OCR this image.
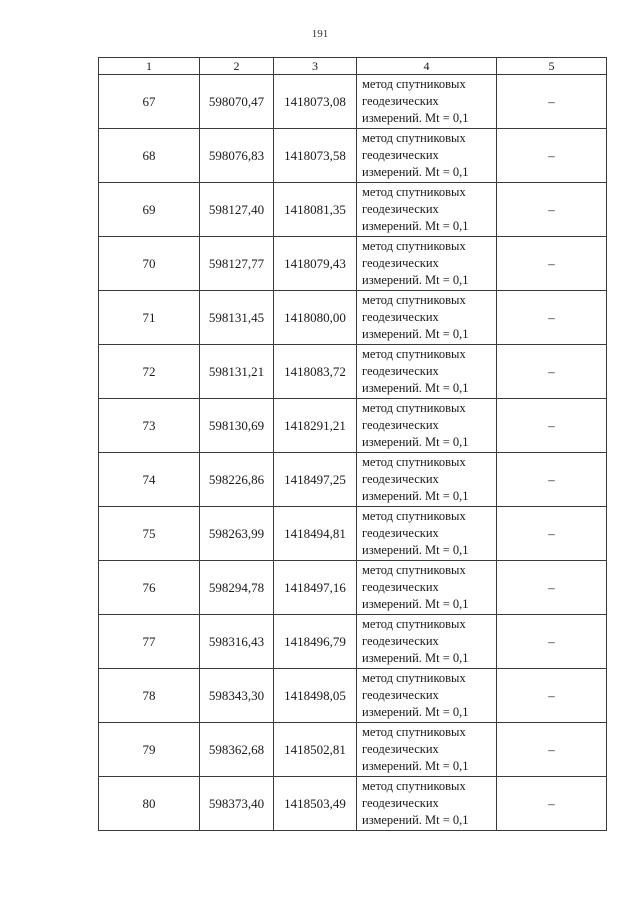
191
1	2	3	4	5
67	598070,47	1418073,08	метод спутниковых
геодезических
измерений. Mt = 0,1	–
68	598076,83	1418073,58	метод спутниковых
геодезических
измерений. Mt = 0,1	–
69	598127,40	1418081,35	метод спутниковых
геодезических
измерений. Mt = 0,1	–
70	598127,77	1418079,43	метод спутниковых
геодезических
измерений. Mt = 0,1	–
71	598131,45	1418080,00	метод спутниковых
геодезических
измерений. Mt = 0,1	–
72	598131,21	1418083,72	метод спутниковых
геодезических
измерений. Mt = 0,1	–
73	598130,69	1418291,21	метод спутниковых
геодезических
измерений. Mt = 0,1	–
74	598226,86	1418497,25	метод спутниковых
геодезических
измерений. Mt = 0,1	–
75	598263,99	1418494,81	метод спутниковых
геодезических
измерений. Mt = 0,1	–
76	598294,78	1418497,16	метод спутниковых
геодезических
измерений. Mt = 0,1	–
77	598316,43	1418496,79	метод спутниковых
геодезических
измерений. Mt = 0,1	–
78	598343,30	1418498,05	метод спутниковых
геодезических
измерений. Mt = 0,1	–
79	598362,68	1418502,81	метод спутниковых
геодезических
измерений. Mt = 0,1	–
80	598373,40	1418503,49	метод спутниковых
геодезических
измерений. Mt = 0,1	–
